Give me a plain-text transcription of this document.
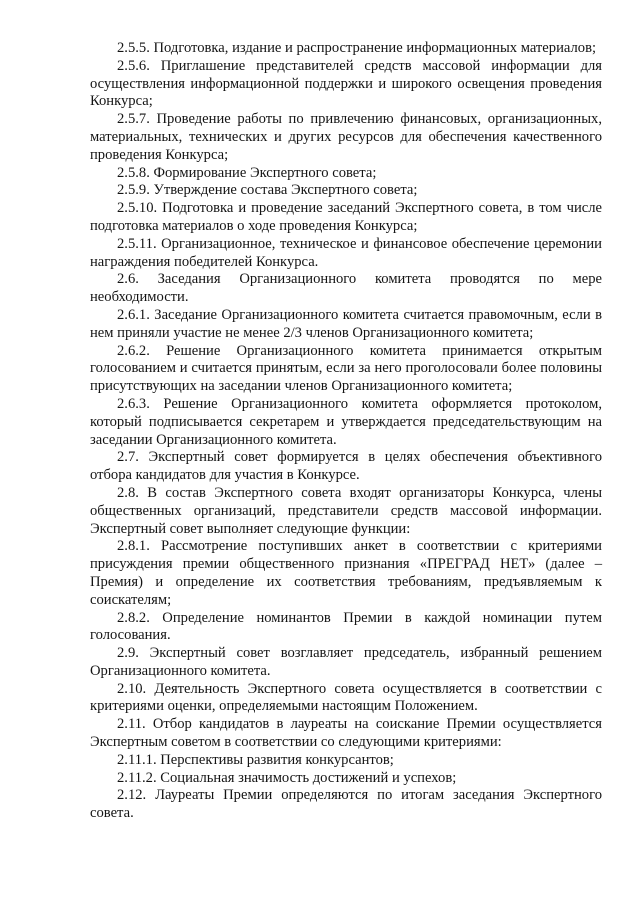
2.5.5. Подготовка, издание и распространение информационных материалов;

2.5.6. Приглашение представителей средств массовой информации для осуществления информационной поддержки и широкого освещения проведения Конкурса;

2.5.7. Проведение работы по привлечению финансовых, организационных, материальных, технических и других ресурсов для обеспечения качественного проведения Конкурса;

2.5.8. Формирование Экспертного совета;

2.5.9. Утверждение состава Экспертного совета;

2.5.10. Подготовка и проведение заседаний Экспертного совета, в том числе подготовка материалов о ходе проведения Конкурса;

2.5.11. Организационное, техническое и финансовое обеспечение церемонии награждения победителей Конкурса.

2.6. Заседания Организационного комитета проводятся по мере необходимости.

2.6.1. Заседание Организационного комитета считается правомочным, если в нем приняли участие не менее 2/3 членов Организационного комитета;

2.6.2. Решение Организационного комитета принимается открытым голосованием и считается принятым, если за него проголосовали более половины присутствующих на заседании членов Организационного комитета;

2.6.3. Решение Организационного комитета оформляется протоколом, который подписывается секретарем и утверждается председательствующим на заседании Организационного комитета.

2.7. Экспертный совет формируется в целях обеспечения объективного отбора кандидатов для участия в Конкурсе.

2.8. В состав Экспертного совета входят организаторы Конкурса, члены общественных организаций, представители средств массовой информации. Экспертный совет выполняет следующие функции:

2.8.1. Рассмотрение поступивших анкет в соответствии с критериями присуждения премии общественного признания «ПРЕГРАД НЕТ» (далее – Премия) и определение их соответствия требованиям, предъявляемым к соискателям;

2.8.2. Определение номинантов Премии в каждой номинации путем голосования.

2.9. Экспертный совет возглавляет председатель, избранный решением Организационного комитета.

2.10. Деятельность Экспертного совета осуществляется в соответствии с критериями оценки, определяемыми настоящим Положением.

2.11. Отбор кандидатов в лауреаты на соискание Премии осуществляется Экспертным советом в соответствии со следующими критериями:

2.11.1. Перспективы развития конкурсантов;

2.11.2. Социальная значимость достижений и успехов;

2.12. Лауреаты Премии определяются по итогам заседания Экспертного совета.
